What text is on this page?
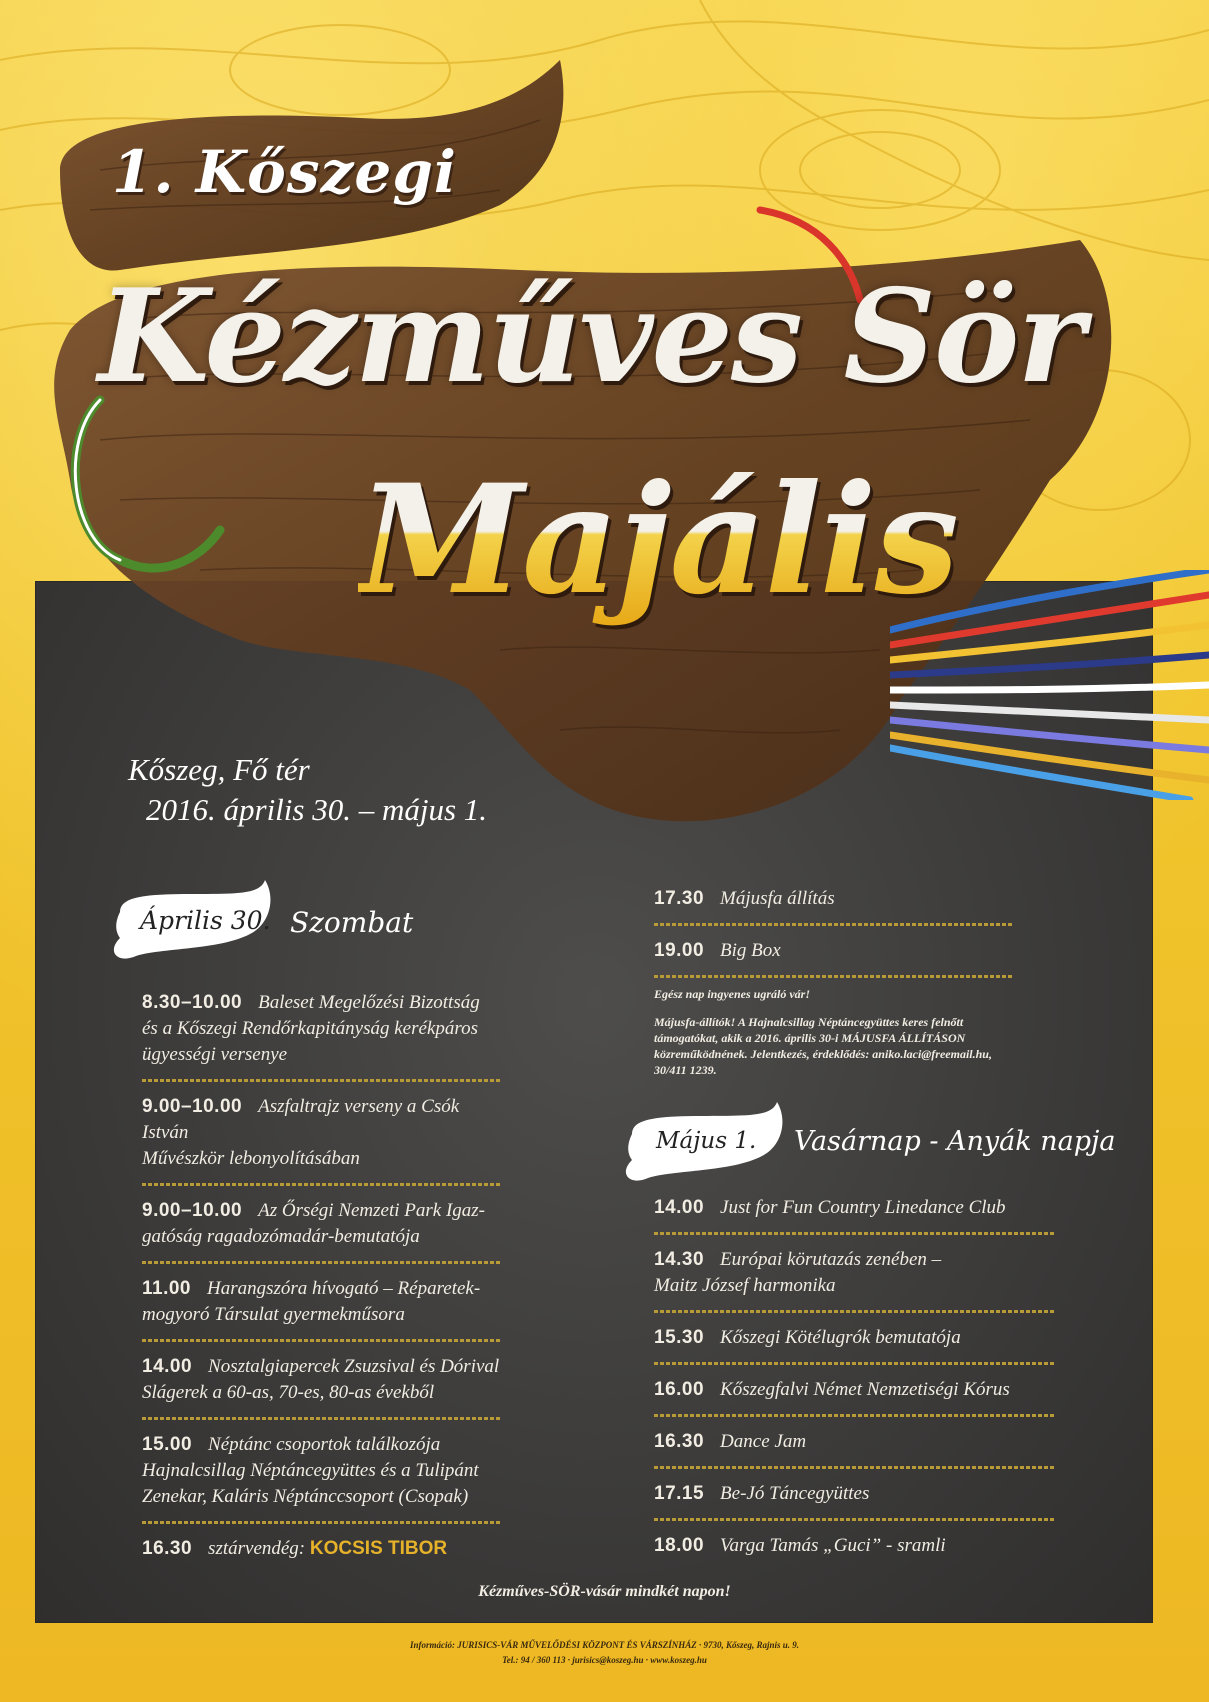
1. Kőszegi
Kézműves Sör
Majális
Kőszeg, Fő tér
2016. április 30. – május 1.
Április 30. Szombat
8.30–10.00 Baleset Megelőzési Bizottság
és a Kőszegi Rendőrkapitányság kerékpáros ügyességi versenye
9.00–10.00 Aszfaltrajz verseny a Csók István
Művészkör lebonyolításában
9.00–10.00 Az Őrségi Nemzeti Park Igaz-
gatóság ragadozómadár-bemutatója
11.00 Harangszóra hívogató – Réparetek-
mogyoró Társulat gyermekműsora
14.00 Nosztalgiapercek Zsuzsival és Dórival
Slágerek a 60-as, 70-es, 80-as évekből
15.00 Néptánc csoportok találkozója
Hajnalcsillag Néptáncegyüttes és a Tulipánt Zenekar, Kaláris Néptánccsoport (Csopak)
16.30 sztárvendég: KOCSIS TIBOR
17.30 Májusfa állítás
19.00 Big Box
Egész nap ingyenes ugráló vár!
Májusfa-állítók! A Hajnalcsillag Néptáncegyüttes keres felnőtt támogatókat, akik a 2016. április 30-i MÁJUSFA ÁLLÍTÁSON közreműködnének. Jelentkezés, érdeklődés: aniko.laci@freemail.hu, 30/411 1239.
Május 1. Vasárnap - Anyák napja
14.00 Just for Fun Country Linedance Club
14.30 Európai körutazás zenében –
Maitz József harmonika
15.30 Kőszegi Kötélugrók bemutatója
16.00 Kőszegfalvi Német Nemzetiségi Kórus
16.30 Dance Jam
17.15 Be-Jó Táncegyüttes
18.00 Varga Tamás „Guci” - sramli
Kézműves-SÖR-vásár mindkét napon!
Információ: JURISICS-VÁR MŰVELŐDÉSI KÖZPONT ÉS VÁRSZÍNHÁZ · 9730, Kőszeg, Rajnis u. 9.
Tel.: 94 / 360 113 · jurisics@koszeg.hu · www.koszeg.hu
